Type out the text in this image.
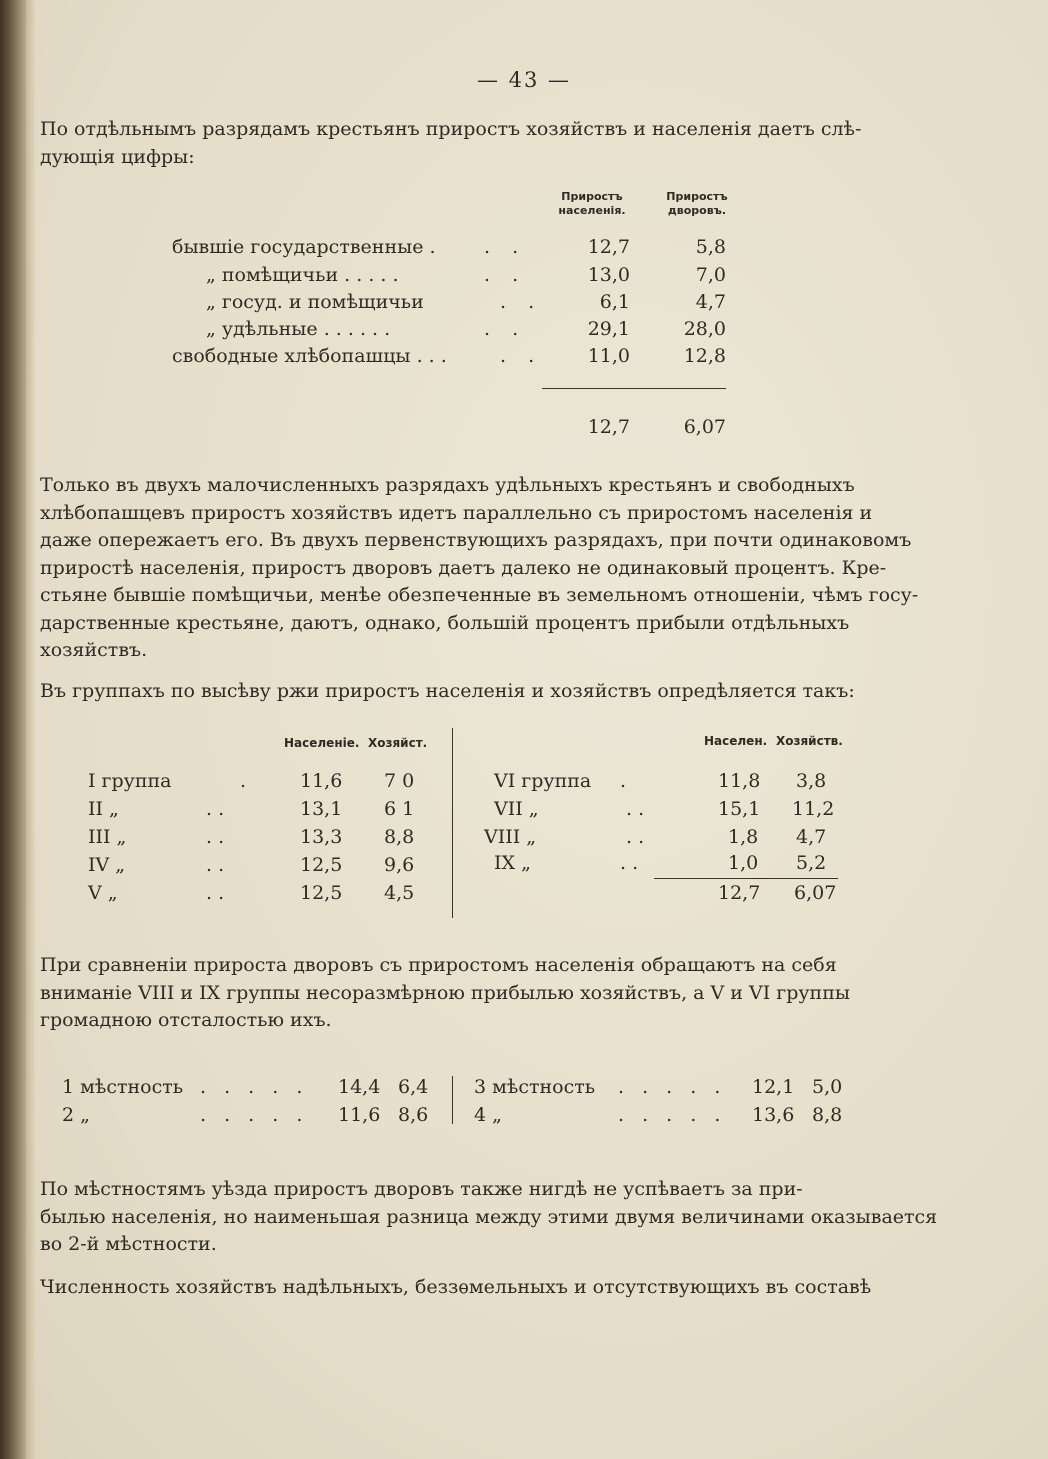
— 43 —

По отдѣльнымъ разрядамъ крестьянъ приростъ хозяйствъ и населенія даетъ слѣ-

дующія цифры:

Приростъ населенія.
Приростъ дворовъ.
бывшіе государственные .	. .	12,7	5,8
„ помѣщичьи . . . . .	. .	13,0	7,0
„ госуд. и помѣщичьи	. .	6,1	4,7
„ удѣльные . . . . . .	. .	29,1	28,0
свободные хлѣбопашцы . . .	. .	11,0	12,8
12,7	6,07

Только въ двухъ малочисленныхъ разрядахъ удѣльныхъ крестьянъ и свободныхъ

хлѣбопашцевъ приростъ хозяйствъ идетъ параллельно съ приростомъ населенія и

даже опережаетъ его. Въ двухъ первенствующихъ разрядахъ, при почти одинаковомъ

приростѣ населенія, приростъ дворовъ даетъ далеко не одинаковый процентъ. Кре-

стьяне бывшіе помѣщичьи, менѣе обезпеченные въ земельномъ отношеніи, чѣмъ госу-

дарственные крестьяне, даютъ, однако, большій процентъ прибыли отдѣльныхъ

хозяйствъ.

Въ группахъ по высѣву ржи приростъ населенія и хозяйствъ опредѣляется такъ:

Населеніе. Хозяйст.	Населен. Хозяйств.
I группа	.	11,6 7 0
II „	. .	13,1 6 1
III „	. .	13,3 8,8
IV „	. .	12,5 9,6
V „	. .	12,5 4,5
VI группа .	11,8 3,8
VII „	. .	15,1 11,2
VIII „	. .	1,8 4,7
IX „	. .	1,0 5,2
12,7 6,07

При сравненіи прироста дворовъ съ приростомъ населенія обращаютъ на себя

вниманіе VIII и IX группы несоразмѣрною прибылью хозяйствъ, а V и VI группы

громадною отсталостью ихъ.

1 мѣстность . . . . . 14,4 6,4
2 „	. . . . . 11,6 8,6
3 мѣстность . . . . . 12,1 5,0
4 „	. . . . . 13,6 8,8

По мѣстностямъ уѣзда приростъ дворовъ также нигдѣ не успѣваетъ за при-

былью населенія, но наименьшая разница между этими двумя величинами оказывается

во 2-й мѣстности.

Численность хозяйствъ надѣльныхъ, беззѳмельныхъ и отсутствующихъ въ составѣ
